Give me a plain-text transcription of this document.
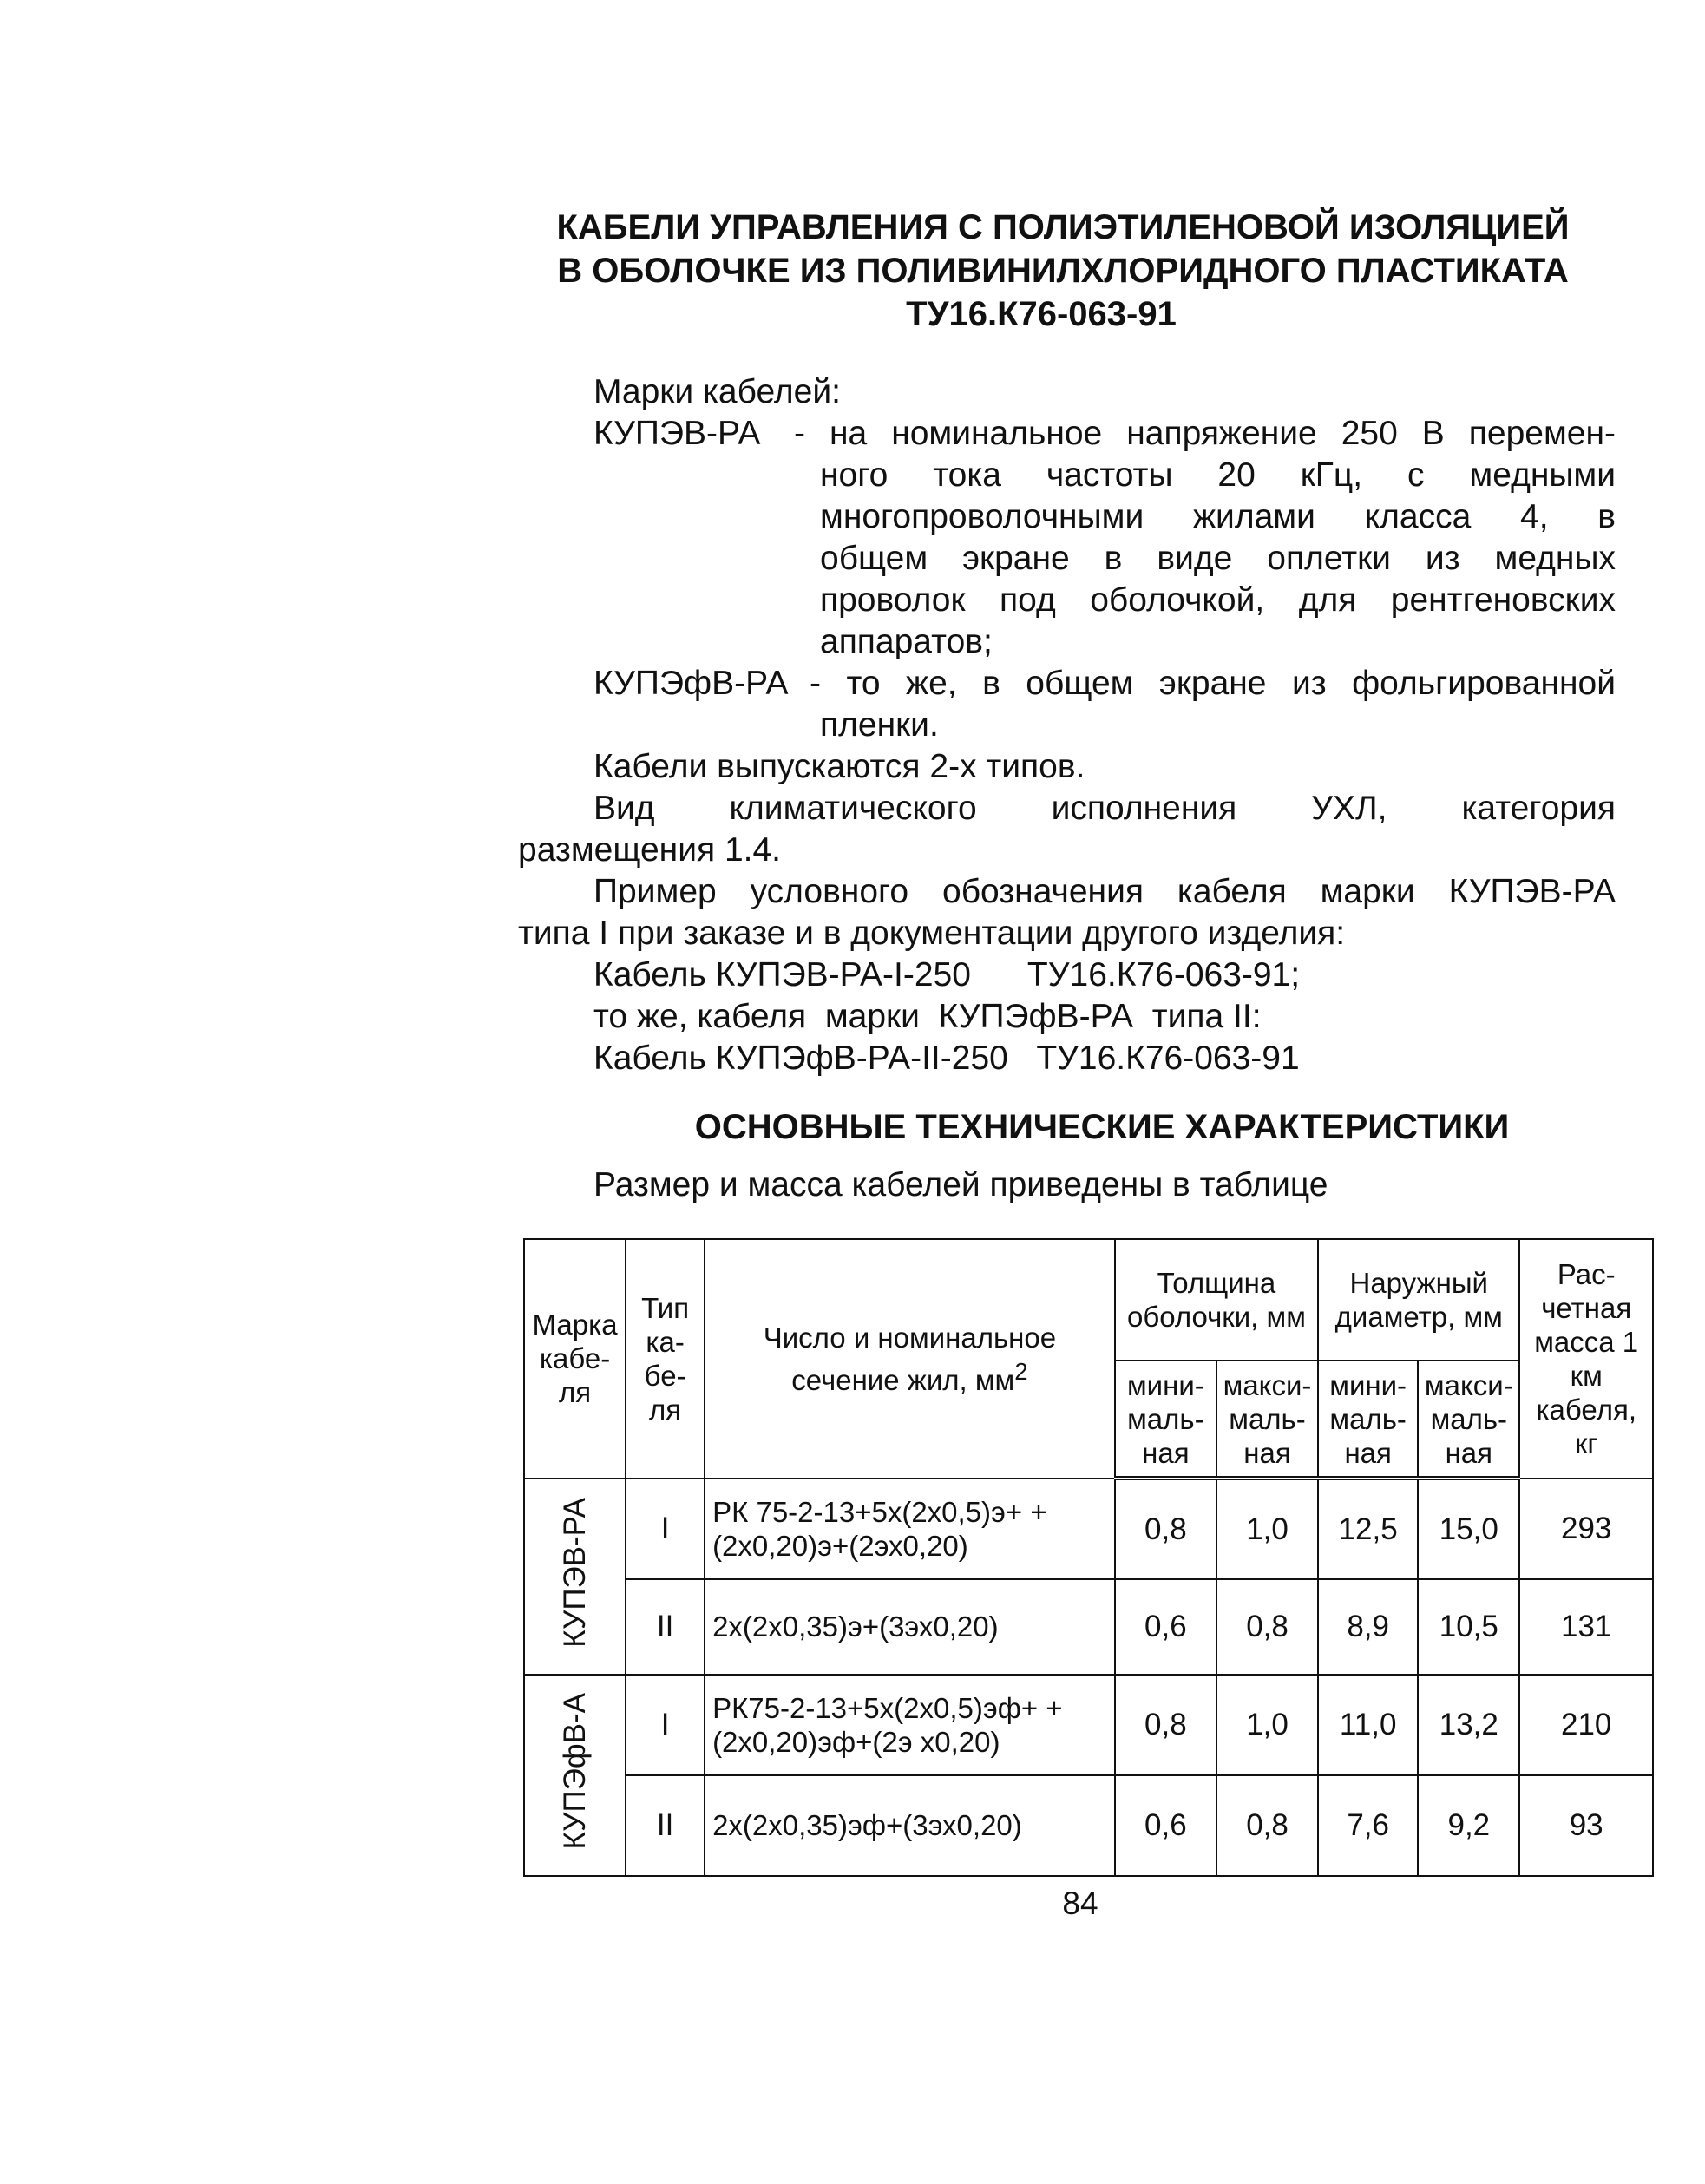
КАБЕЛИ УПРАВЛЕНИЯ С ПОЛИЭТИЛЕНОВОЙ ИЗОЛЯЦИЕЙ
В ОБОЛОЧКЕ ИЗ ПОЛИВИНИЛХЛОРИДНОГО ПЛАСТИКАТА
ТУ16.К76-063-91
Марки кабелей:
КУПЭВ-РА - на номинальное напряжение 250 В перемен-
ного тока частоты 20 кГц, с медными
многопроволочными жилами класса 4, в
общем экране в виде оплетки из медных
проволок под оболочкой, для рентгеновских
аппаратов;
КУПЭфВ-РА - то же, в общем экране из фольгированной
пленки.
Кабели выпускаются 2-х типов.
Вид климатического исполнения УХЛ, категория
размещения 1.4.
Пример условного обозначения кабеля марки КУПЭВ-РА
типа I при заказе и в документации другого изделия:
Кабель КУПЭВ-РА-I-250      ТУ16.К76-063-91;
то же, кабеля  марки  КУПЭфВ-РА  типа II:
Кабель КУПЭфВ-РА-II-250   ТУ16.К76-063-91
ОСНОВНЫЕ ТЕХНИЧЕСКИЕ ХАРАКТЕРИСТИКИ
Размер и масса кабелей приведены в таблице
Марка кабе-ля	Тип ка-бе-ля	Число и номинальное сечение жил, $мм^2$	Толщина оболочки, мм		Наружный диаметр, мм		Рас-четная масса 1 км кабеля, кг
			мини-маль-ная	макси-маль-ная	мини-маль-ная	макси-маль-ная	
КУПЭВ-РА	I	РК 75-2-13+5х(2х0,5)э+ +(2х0,20)э+(2эх0,20)	0,8	1,0	12,5	15,0	293
	II	2х(2х0,35)э+(3эх0,20)	0,6	0,8	8,9	10,5	131
КУПЭфВ-А	I	РК75-2-13+5х(2х0,5)эф+ +(2х0,20)эф+(2э х0,20)	0,8	1,0	11,0	13,2	210
	II	2х(2х0,35)эф+(3эх0,20)	0,6	0,8	7,6	9,2	93
84
